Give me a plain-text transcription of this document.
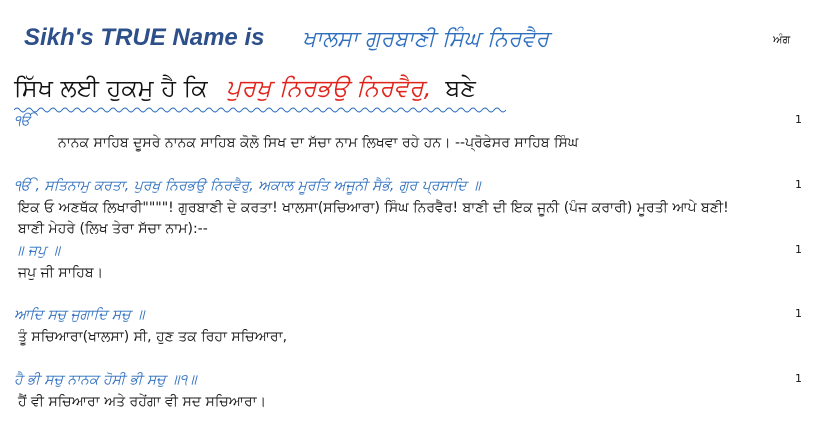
Sikh's TRUE Name is ਖਾਲਸਾ ਗੁਰਬਾਣੀ ਸਿੰਘ ਨਿਰਵੈਰ	ਅੰਗ
ਸਿੱਖ ਲਈ ਹੁਕਮੁ ਹੈ ਕਿ ਪੁਰਖੁ ਨਿਰਭਉ ਨਿਰਵੈਰੁ, ਬਣੇ
ੴ	1
ਨਾਨਕ ਸਾਹਿਬ ਦੂਸਰੇ ਨਾਨਕ ਸਾਹਿਬ ਕੋਲੋ ਸਿਖ ਦਾ ਸੱਚਾ ਨਾਮ ਲਿਖਵਾ ਰਹੇ ਹਨ। --ਪ੍ਰੋਫੇਸਰ ਸਾਹਿਬ ਸਿੰਘ
ੴ , ਸਤਿਨਾਮੁ ਕਰਤਾ, ਪੁਰਖੁ ਨਿਰਭਉ ਨਿਰਵੈਰੁ, ਅਕਾਲ ਮੂਰਤਿ ਅਜੂਨੀ ਸੈਭੰ, ਗੁਰ ਪ੍ਰਸਾਦਿ ॥	1
ਇਕ ਓ ਅਣਥੱਕ ਲਿਖਾਰੀ""""! ਗੁਰਬਾਣੀ ਦੇ ਕਰਤਾ! ਖਾਲਸਾ(ਸਚਿਆਰਾ) ਸਿੰਘ ਨਿਰਵੈਰ! ਬਾਣੀ ਦੀ ਇਕ ਜੂਨੀ (ਪੰਜ ਕਰਾਰੀ) ਮੂਰਤੀ ਆਪੇ ਬਣੀ!
ਬਾਣੀ ਮੇਹਰੇ (ਲਿਖ ਤੇਰਾ ਸੱਚਾ ਨਾਮ):--
॥ ਜਪੁ ॥	1
ਜਪੁ ਜੀ ਸਾਹਿਬ।
ਆਦਿ ਸਚੁ ਜੁਗਾਦਿ ਸਚੁ ॥	1
ਤੂੰ ਸਚਿਆਰਾ(ਖਾਲਸਾ) ਸੀ, ਹੁਣ ਤਕ ਰਿਹਾ ਸਚਿਆਰਾ,
ਹੈ ਭੀ ਸਚੁ ਨਾਨਕ ਹੋਸੀ ਭੀ ਸਚੁ ॥੧॥	1
ਹੈਂ ਵੀ ਸਚਿਆਰਾ ਅਤੇ ਰਹੇਂਗਾ ਵੀ ਸਦ ਸਚਿਆਰਾ।
